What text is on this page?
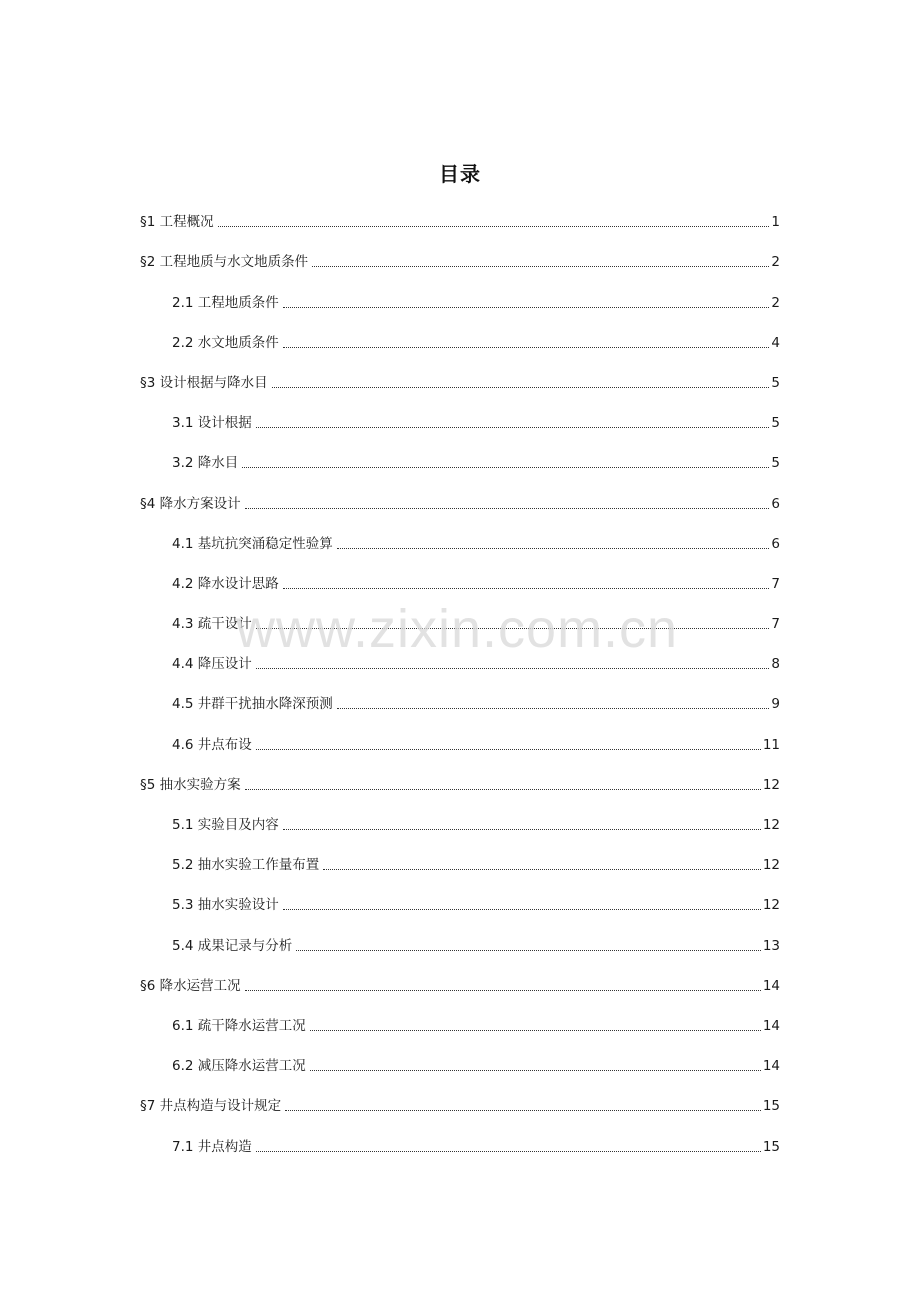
目录
§1 工程概况	1
§2 工程地质与水文地质条件	2
2.1 工程地质条件	2
2.2 水文地质条件	4
§3 设计根据与降水目	5
3.1 设计根据	5
3.2 降水目	5
§4 降水方案设计	6
4.1 基坑抗突涌稳定性验算	6
4.2 降水设计思路	7
4.3 疏干设计	7
4.4 降压设计	8
4.5 井群干扰抽水降深预测	9
4.6 井点布设	11
§5 抽水实验方案	12
5.1 实验目及内容	12
5.2 抽水实验工作量布置	12
5.3 抽水实验设计	12
5.4 成果记录与分析	13
§6 降水运营工况	14
6.1 疏干降水运营工况	14
6.2 减压降水运营工况	14
§7 井点构造与设计规定	15
7.1 井点构造	15
www.zixin.com.cn
